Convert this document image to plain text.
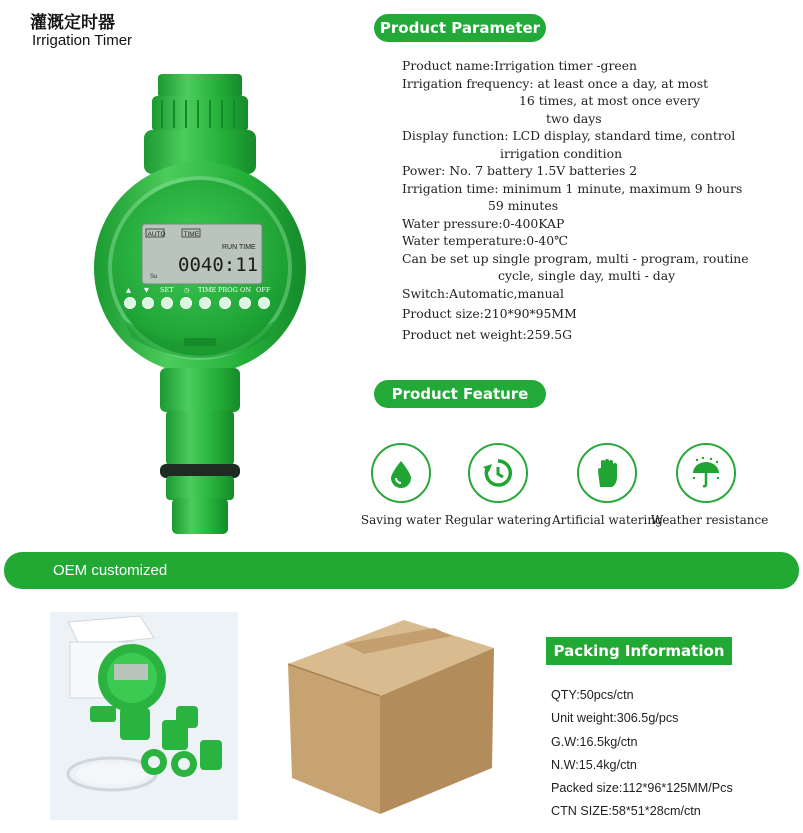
灌溉定时器
Irrigation Timer
AUTO	TIME
RUN TIME
0040:11
Su
▲ ▼ SET ◷ TIME PROG ON OFF
Product Parameter
Product name:Irrigation timer -green
Irrigation frequency: at least once a day, at most
16 times, at most once every
two days
Display function: LCD display, standard time, control
irrigation condition
Power: No. 7 battery 1.5V batteries 2
Irrigation time: minimum 1 minute, maximum 9 hours
59 minutes
Water pressure:0-400KAP
Water temperature:0-40℃
Can be set up single program, multi - program, routine
cycle, single day, multi - day
Switch:Automatic,manual
Product size:210*90*95MM
Product net weight:259.5G
Product Feature
Saving water Regular watering Artificial watering
Weather resistance
OEM customized
Packing Information
QTY:50pcs/ctn
Unit weight:306.5g/pcs
G.W:16.5kg/ctn
N.W:15.4kg/ctn
Packed size:112*96*125MM/Pcs
CTN SIZE:58*51*28cm/ctn
